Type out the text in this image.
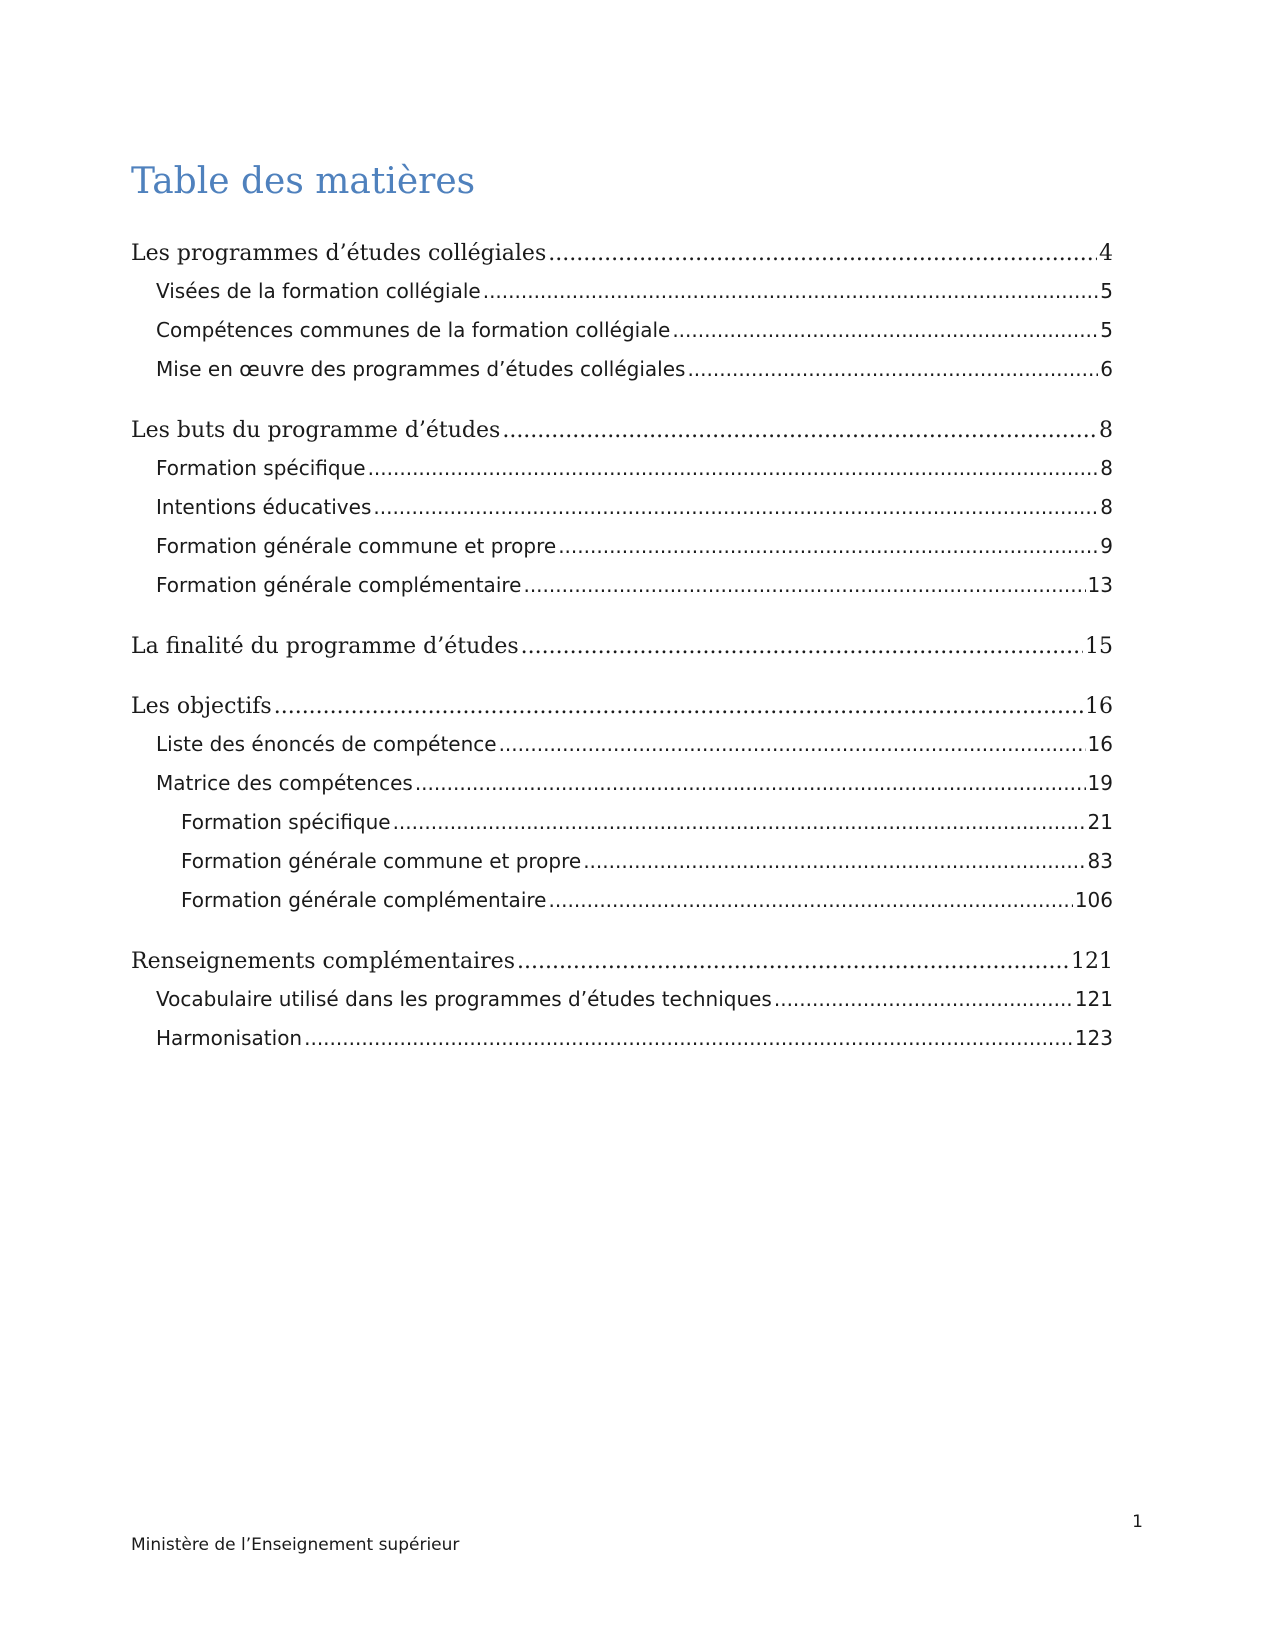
Table des matières
Les programmes d’études collégiales .....	4
Visées de la formation collégiale .....	5
Compétences communes de la formation collégiale .....	5
Mise en œuvre des programmes d’études collégiales .....	6
Les buts du programme d’études .....	8
Formation spécifique .....	8
Intentions éducatives .....	8
Formation générale commune et propre .....	9
Formation générale complémentaire .....	13
La finalité du programme d’études .....	15
Les objectifs .....	16
Liste des énoncés de compétence .....	16
Matrice des compétences .....	19
Formation spécifique .....	21
Formation générale commune et propre .....	83
Formation générale complémentaire .....	106
Renseignements complémentaires .....	121
Vocabulaire utilisé dans les programmes d’études techniques .....	121
Harmonisation .....	123
1
Ministère de l’Enseignement supérieur
